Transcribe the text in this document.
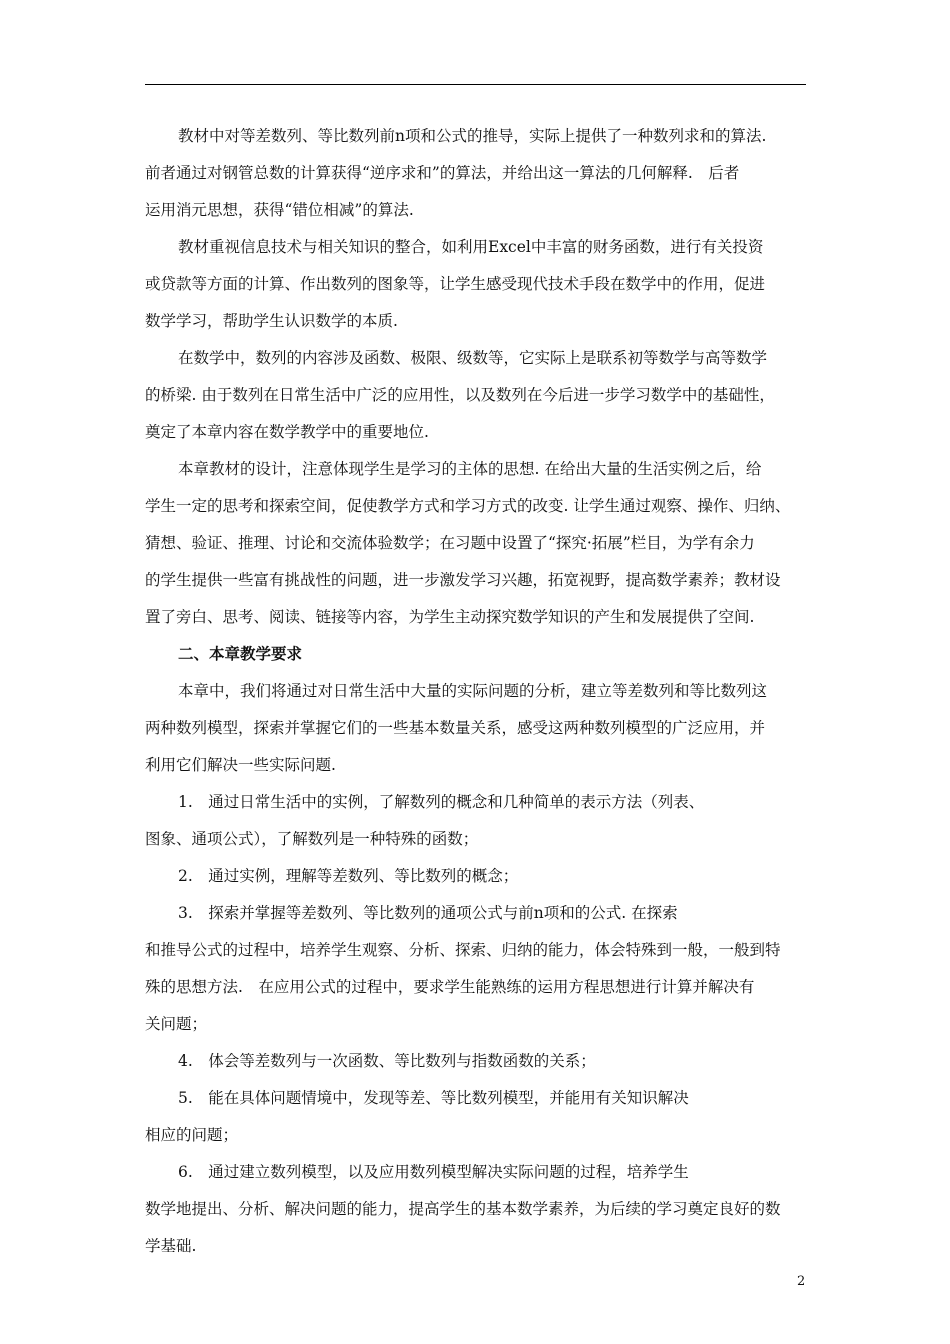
教材中对等差数列、等比数列前n项和公式的推导，实际上提供了一种数列求和的算法.
前者通过对钢管总数的计算获得“逆序求和”的算法，并给出这一算法的几何解释.　后者
运用消元思想，获得“错位相减”的算法.
教材重视信息技术与相关知识的整合，如利用Excel中丰富的财务函数，进行有关投资
或贷款等方面的计算、作出数列的图象等，让学生感受现代技术手段在数学中的作用，促进
数学学习，帮助学生认识数学的本质.
在数学中，数列的内容涉及函数、极限、级数等，它实际上是联系初等数学与高等数学
的桥梁. 由于数列在日常生活中广泛的应用性，以及数列在今后进一步学习数学中的基础性，
奠定了本章内容在数学教学中的重要地位.
本章教材的设计，注意体现学生是学习的主体的思想. 在给出大量的生活实例之后，给
学生一定的思考和探索空间，促使教学方式和学习方式的改变. 让学生通过观察、操作、归纳、
猜想、验证、推理、讨论和交流体验数学；在习题中设置了“探究·拓展”栏目，为学有余力
的学生提供一些富有挑战性的问题，进一步激发学习兴趣，拓宽视野，提高数学素养；教材设
置了旁白、思考、阅读、链接等内容，为学生主动探究数学知识的产生和发展提供了空间.
二、本章教学要求
本章中，我们将通过对日常生活中大量的实际问题的分析，建立等差数列和等比数列这
两种数列模型，探索并掌握它们的一些基本数量关系，感受这两种数列模型的广泛应用，并
利用它们解决一些实际问题.
1.　通过日常生活中的实例，了解数列的概念和几种简单的表示方法（列表、
图象、通项公式），了解数列是一种特殊的函数；
2.　通过实例，理解等差数列、等比数列的概念；
3.　探索并掌握等差数列、等比数列的通项公式与前n项和的公式. 在探索
和推导公式的过程中，培养学生观察、分析、探索、归纳的能力，体会特殊到一般，一般到特
殊的思想方法.　在应用公式的过程中，要求学生能熟练的运用方程思想进行计算并解决有
关问题；
4.　体会等差数列与一次函数、等比数列与指数函数的关系；
5.　能在具体问题情境中，发现等差、等比数列模型，并能用有关知识解决
相应的问题；
6.　通过建立数列模型，以及应用数列模型解决实际问题的过程，培养学生
数学地提出、分析、解决问题的能力，提高学生的基本数学素养，为后续的学习奠定良好的数
学基础.
2
